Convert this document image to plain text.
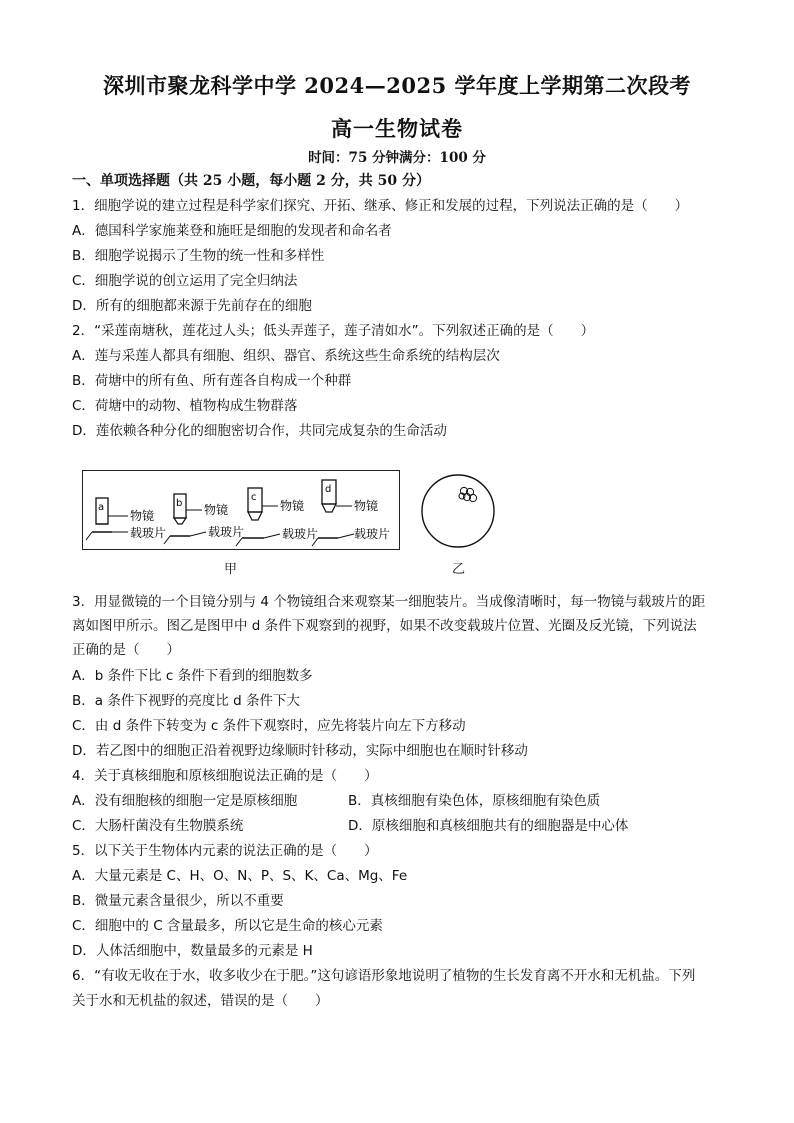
深圳市聚龙科学中学 2024—2025 学年度上学期第二次段考
高一生物试卷
时间：75 分钟满分：100 分
一、单项选择题（共 25 小题，每小题 2 分，共 50 分）
1．细胞学说的建立过程是科学家们探究、开拓、继承、修正和发展的过程，下列说法正确的是（　　）
A．德国科学家施莱登和施旺是细胞的发现者和命名者
B．细胞学说揭示了生物的统一性和多样性
C．细胞学说的创立运用了完全归纳法
D．所有的细胞都来源于先前存在的细胞
2．“采莲南塘秋，莲花过人头；低头弄莲子，莲子清如水”。下列叙述正确的是（　　）
A．莲与采莲人都具有细胞、组织、器官、系统这些生命系统的结构层次
B．荷塘中的所有鱼、所有莲各自构成一个种群
C．荷塘中的动物、植物构成生物群落
D．莲依赖各种分化的细胞密切合作，共同完成复杂的生命活动
a	b
c
d
物镜	物镜	物镜	物镜
载玻片	载玻片	载玻片	载玻片
甲	乙
3．用显微镜的一个目镜分别与 4 个物镜组合来观察某一细胞装片。当成像清晰时，每一物镜与载玻片的距
离如图甲所示。图乙是图甲中 d 条件下观察到的视野，如果不改变载玻片位置、光圈及反光镜，下列说法
正确的是（　　）
A．b 条件下比 c 条件下看到的细胞数多
B．a 条件下视野的亮度比 d 条件下大
C．由 d 条件下转变为 c 条件下观察时，应先将装片向左下方移动
D．若乙图中的细胞正沿着视野边缘顺时针移动，实际中细胞也在顺时针移动
4．关于真核细胞和原核细胞说法正确的是（　　）
A．没有细胞核的细胞一定是原核细胞	B．真核细胞有染色体，原核细胞有染色质
C．大肠杆菌没有生物膜系统	D．原核细胞和真核细胞共有的细胞器是中心体
5．以下关于生物体内元素的说法正确的是（　　）
A．大量元素是 C、H、O、N、P、S、K、Ca、Mg、Fe
B．微量元素含量很少，所以不重要
C．细胞中的 C 含量最多，所以它是生命的核心元素
D．人体活细胞中，数量最多的元素是 H
6．“有收无收在于水，收多收少在于肥。”这句谚语形象地说明了植物的生长发育离不开水和无机盐。下列
关于水和无机盐的叙述，错误的是（　　）
